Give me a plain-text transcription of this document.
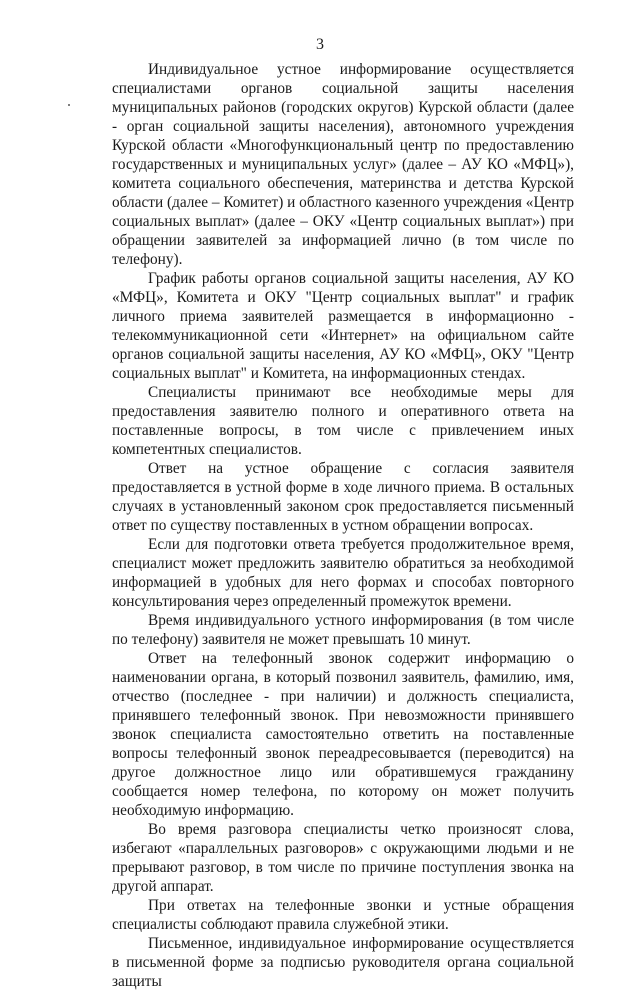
3

Индивидуальное устное информирование осуществляется специалистами органов социальной защиты населения муниципальных районов (городских округов) Курской области (далее - орган социальной защиты населения), автономного учреждения Курской области «Многофункциональный центр по предоставлению государственных и муниципальных услуг» (далее – АУ КО «МФЦ»), комитета социального обеспечения, материнства и детства Курской области (далее – Комитет) и областного казенного учреждения «Центр социальных выплат» (далее – ОКУ «Центр социальных выплат») при обращении заявителей за информацией лично (в том числе по телефону).

График работы органов социальной защиты населения, АУ КО «МФЦ», Комитета и ОКУ "Центр социальных выплат" и график личного приема заявителей размещается в информационно - телекоммуникационной сети «Интернет» на официальном сайте органов социальной защиты населения, АУ КО «МФЦ», ОКУ "Центр социальных выплат" и Комитета, на информационных стендах.

Специалисты принимают все необходимые меры для предоставления заявителю полного и оперативного ответа на поставленные вопросы, в том числе с привлечением иных компетентных специалистов.

Ответ на устное обращение с согласия заявителя предоставляется в устной форме в ходе личного приема. В остальных случаях в установленный законом срок предоставляется письменный ответ по существу поставленных в устном обращении вопросах.

Если для подготовки ответа требуется продолжительное время, специалист может предложить заявителю обратиться за необходимой информацией в удобных для него формах и способах повторного консультирования через определенный промежуток времени.

Время индивидуального устного информирования (в том числе по телефону) заявителя не может превышать 10 минут.

Ответ на телефонный звонок содержит информацию о наименовании органа, в который позвонил заявитель, фамилию, имя, отчество (последнее - при наличии) и должность специалиста, принявшего телефонный звонок. При невозможности принявшего звонок специалиста самостоятельно ответить на поставленные вопросы телефонный звонок переадресовывается (переводится) на другое должностное лицо или обратившемуся гражданину сообщается номер телефона, по которому он может получить необходимую информацию.

Во время разговора специалисты четко произносят слова, избегают «параллельных разговоров» с окружающими людьми и не прерывают разговор, в том числе по причине поступления звонка на другой аппарат.

При ответах на телефонные звонки и устные обращения специалисты соблюдают правила служебной этики.

Письменное, индивидуальное информирование осуществляется в письменной форме за подписью руководителя органа социальной защиты
